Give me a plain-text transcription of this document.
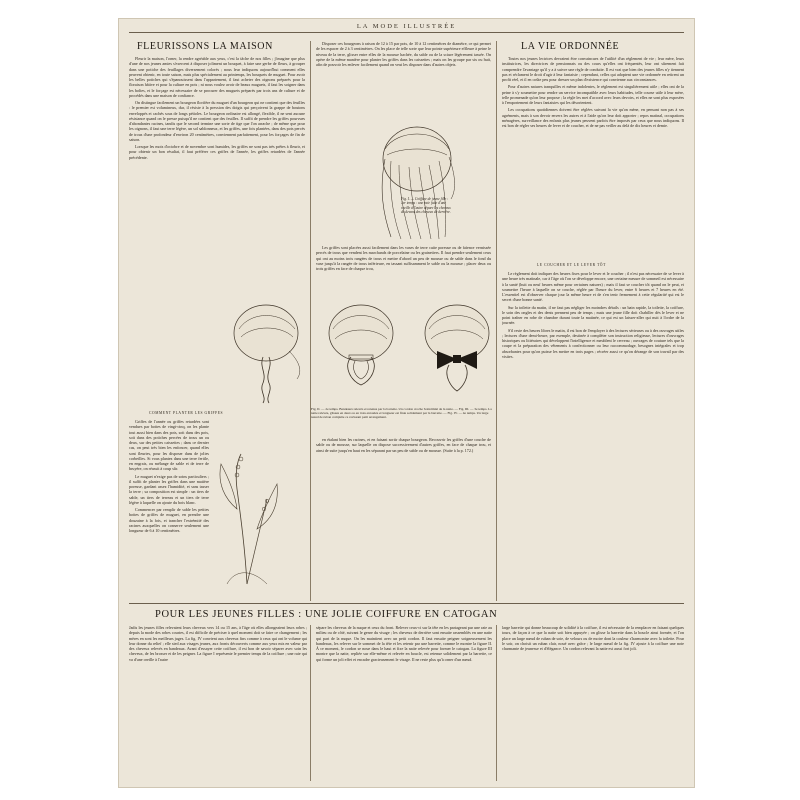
LA MODE ILLUSTRÉE
FLEURISSONS LA MAISON

Fleurir la maison, l'orner, la rendre agréable aux yeux, c'est la tâche de nos filles ; j'imagine que plus d'une de nos jeunes amies s'exercent à disposer joliment un bouquet, à faire une gerbe de fleurs, à grouper dans une potiche des feuillages diversement colorés ; nous leur indiquons aujourd'hui comment elles peuvent obtenir, en toute saison, mais plus spécialement au printemps, les bouquets de muguet. Pour avoir les belles potiches qui s'épanouissent dans l'appartement, il faut acheter des oignons préparés pour la floraison hâtive et pour la culture en pots ; ni nous voulez avoir de beaux muguets, il faut les soigner dans les boîtes, et le forçage est nécessaire de se procurer des muguets préparés par trois ans de culture et de procédés dans une maison de confiance.

On distingue facilement un bourgeon florifère du muguet d'un bourgeon qui ne contient que des feuilles : le premier est volumineux, dur, il résiste à la pression des doigts qui perçoivent la grappe de boutons enveloppés et cachés sous de longs pétioles. Le bourgeon ordinaire est allongé, flexible, il ne sent aucune résistance quand on le presse puisqu'il ne contient que des feuilles. Il suffit de prendre les griffes pourvues d'abondantes racines, tandis que le second termine une sorte de tige que l'on arrache ; de même que pour les oignons, il faut une terre légère, un sol sablonneux, et les griffes, une fois plantées, dans des pots percés de trous d'une profondeur d'environ 20 centimètres, conviennent parfaitement, pour les forçages de fin de saison.

Lorsque les mois d'octobre et de novembre sont humides, les griffes ne sont pas très prêtes à fleurir, et pour obtenir un bon résultat, il faut préférer ces griffes de l'année, les griffes retardées de l'année précédente.

COMMENT PLANTER LES GRIFFES

Griffes de l'année ou griffes retardées sont vendues par bottes de vingt-cinq, on les plante tout aussi bien dans des pots, soit dans des pots, soit dans des potiches percées de trous un ou deux, sur des petites caissettes ; dans ce dernier cas, on peut très bien les enfoncer, quand elles sont fleuries, pour les disposer dans de jolies corbeilles. Si vous plantez dans une terre fertile, en engrais, ou mélange de sable et de terre de bruyère, on réussit à coup sûr.

Le muguet n'exige pas de soins particuliers ; il suffit de planter les griffes dans une matière poreuse, gardant assez l'humidité, et sans tasser la terre ; sa composition est simple : un tiers de sable, un tiers de terreau et un tiers de terre légère à laquelle on ajoute du bois blanc.

Commencer par remplir de sable les petites bottes de griffes de muguet, en prendre une douzaine à la fois, et trancher l'extrémité des racines auxquelles on conserve seulement une longueur de 6 à 10 centimètres.

Disposer ces bourgeons à raison de 12 à 15 par pots, de 10 à 12 centimètres de diamètre, ce qui permet de les espacer de 2 à 3 centimètres. On les place de telle sorte que leur pointe supérieure effleure à peine le niveau de la terre, glisser entre elles de la mousse hachée, du sable ou de la sciure légèrement tassée. On opère de la même manière pour planter les griffes dans les caissettes ; mais on les groupe par six ou huit, afin de pouvoir les enlever facilement quand on veut les disposer dans d'autres objets.

Fig. I. — Coiffure de jeune fille : 1er temps : une raie faite d'une oreille à l'autre sépare les cheveux de devant des cheveux de derrière.

Les griffes sont placées aussi facilement dans les vases de terre cuite poreuse ou de faïence vernissée percés de trous que vendent les marchands de porcelaine ou les grainetiers. Il faut prendre seulement ceux qui ont au moins trois rangées de trous et mettre d'abord un peu de mousse ou de sable dans le fond du vase jusqu'à la rangée de trous inférieure, en tassant suffisamment le sable ou la mousse ; placer deux ou trois griffes en face de chaque trou,

Fig. II. — 2e temps. Bandeaux relevés et retenus par la barrette. Un cordon croche l'extrémité de la natte. — Fig. III. — 3e temps. La natte relevée, glissée en deux ou en trois enroulée et longueur est finie solidement par la barrette. — Fig. IV. — 4e temps. Un large nœud de ruban complète ce ravissant petit arrangement.

en étalant bien les racines, et en faisant sortir chaque bourgeon. Recouvrir les griffes d'une couche de sable ou de mousse, sur laquelle on dispose successivement d'autres griffes, en face de chaque trou, et ainsi de suite jusqu'en haut en les séparant par un peu de sable ou de mousse. (Suite à la p. 172.)

LA VIE ORDONNÉE

Toutes nos jeunes lectrices devraient être convaincues de l'utilité d'un règlement de vie ; leur mère, leurs institutrices, les directrices de pensionnats ou des cours qu'elles ont fréquentés, leur ont sûrement fait comprendre l'avantage qu'il y a à suivre une règle de conduite. Il est vrai que bien des jeunes filles n'y tiennent pas et réclament le droit d'agir à leur fantaisie ; cependant, celles qui adoptent une vie ordonnée en retirent un profit réel, et il en coûte peu pour dresser un plan d'existence qui convienne aux circonstances.

Pour d'autres natures tranquilles et même indolentes, le règlement est singulièrement utile ; elles ont de la peine à s'y soumettre pour rendre un service incompatible avec leurs habitudes, telle course utile à leur mère, telle promenade qu'on leur propose ; la règle les met d'accord avec leurs devoirs, et elles ne sont plus exposées à l'emportement de leurs fantaisies qui les désorientent.

Les occupations quotidiennes doivent être réglées suivant la vie qu'on mène, en pensant non pas à ses agréments, mais à son devoir envers les autres et à l'aide qu'on leur doit apporter ; repos matinal, occupations ménagères, surveillance des enfants plus jeunes peuvent parfois être imposés par ceux que nous indiquons. Il est bon de régler ses heures de lever et de coucher, et de ne pas veiller au delà de dix heures et demie.

LE COUCHER ET LE LEVER TÔT

Le règlement doit indiquer des heures fixes pour le lever et le coucher ; il n'est pas nécessaire de se lever à une heure très matinale, car à l'âge où l'on se développe encore, une certaine mesure de sommeil est nécessaire à la santé (huit ou neuf heures même pour certaines natures) ; mais il faut se coucher tôt quand on le peut, et soumettre l'heure à laquelle on se couche, réglée par l'heure du lever, entre 6 heures et 7 heures en été. L'essentiel est d'observer chaque jour la même heure et de s'en tenir fermement à cette régularité qui est le secret d'une bonne santé.

Sur la toilette du matin, il ne faut pas négliger les moindres détails : un bain rapide, la toilette, la coiffure, le soin des ongles et des dents prennent peu de temps ; mais une jeune fille doit s'habiller dès le lever et ne point traîner en robe de chambre durant toute la matinée, ce qui est un laisser-aller qui nuit à l'ordre de la journée.

S'il reste des heures libres le matin, il est bon de l'employer à des lectures sérieuses ou à des ouvrages utiles ; lectures d'une demi-heure, par exemple, destinée à compléter son instruction religieuse, lectures d'ouvrages historiques ou littéraires qui développent l'intelligence et meublent le cerveau ; ouvrages de couture tels que la coupe et la préparation des vêtements à confectionner ou leur raccommodage, besognes intégrales et trop absorbantes pour qu'on puisse les mettre en trois pages ; récréer aussi ce qu'on dérange de son travail par des visites.

POUR LES JEUNES FILLES : UNE JOLIE COIFFURE EN CATOGAN
Jadis les jeunes filles relevaient leurs cheveux vers 14 ou 15 ans, à l'âge où elles allongeaient leurs robes ; depuis la mode des robes courtes, il est difficile de préciser à quel moment doit se faire ce changement ; les mères en sont les meilleurs juges. La fig. IV convient aux cheveux fins comme à ceux qui ont le volume qui leur donne du relief ; elle sied aux visages jeunes, aux fronts découverts comme aux yeux mis en valeur par des cheveux relevés en bandeaux. Avant d'essayer cette coiffure, il est bon de savoir séparer avec soin les cheveux, de les brosser et de les peigner. La figure I représente le premier temps de la coiffure ; une raie qui va d'une oreille à l'autre
sépare les cheveux de la nuque et ceux du front. Relever ceux-ci sur la tête en les partageant par une raie au milieu ou de côté, suivant le genre du visage ; les cheveux de derrière sont ensuite rassemblés en une natte qui part de la nuque. On les maintient avec un petit cordon. Il faut ensuite peigner soigneusement les bandeaux, les relever sur le sommet de la tête et les retenir par une barrette, comme le montre la figure II. À ce moment, le cordon se noue dans le haut et fixe la natte relevée pour former le catogan. La figure III montre que la natte, repliée sur elle-même et relevée en boucle, est retenue solidement par la barrette, ce qui forme un joli effet et encadre gracieusement le visage. Il ne reste plus qu'à orner d'un nœud.
large barrette qui donne beaucoup de solidité à la coiffure, il est nécessaire de la remplacer en faisant quelques tours, de façon à ce que la natte soit bien appuyée ; on glisse la barrette dans la boucle ainsi formée, et l'on place un large nœud de ruban de soie, de velours ou de moire dont la couleur s'harmonise avec la toilette. Pour le soir, on choisit un ruban clair, noué avec grâce ; le large nœud de la fig. IV ajoute à la coiffure une note charmante de jeunesse et d'élégance. Un cordon relevant la natte est aussi fort joli.
